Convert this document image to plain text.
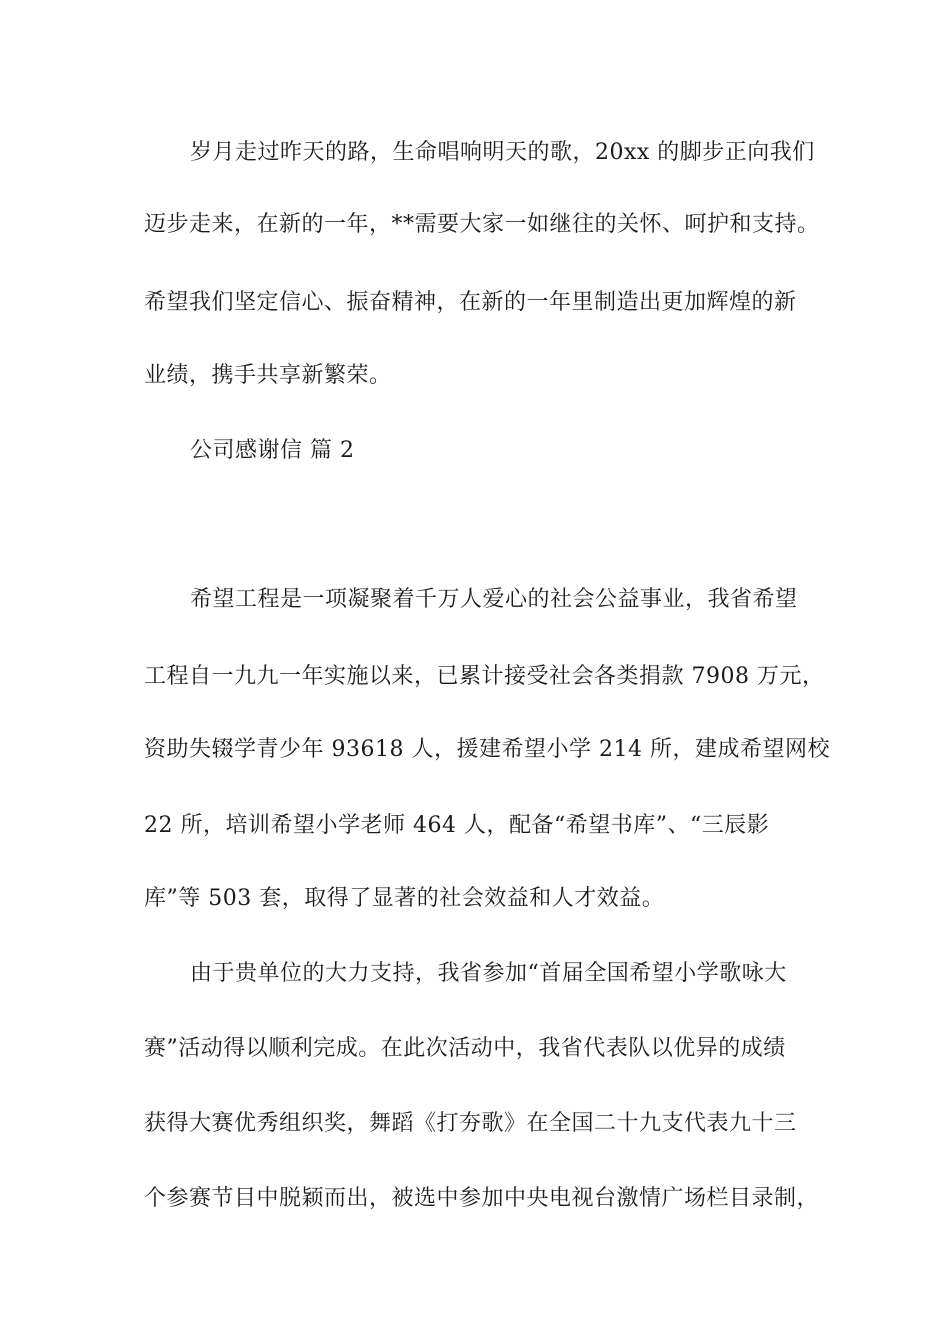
岁月走过昨天的路，生命唱响明天的歌，20xx 的脚步正向我们
迈步走来，在新的一年，**需要大家一如继往的关怀、呵护和支持。
希望我们坚定信心、振奋精神，在新的一年里制造出更加辉煌的新
业绩，携手共享新繁荣。
公司感谢信 篇 2
希望工程是一项凝聚着千万人爱心的社会公益事业，我省希望
工程自一九九一年实施以来，已累计接受社会各类捐款 7908 万元，
资助失辍学青少年 93618 人，援建希望小学 214 所，建成希望网校
22 所，培训希望小学老师 464 人，配备“希望书库”、“三辰影
库”等 503 套，取得了显著的社会效益和人才效益。
由于贵单位的大力支持，我省参加“首届全国希望小学歌咏大
赛”活动得以顺利完成。在此次活动中，我省代表队以优异的成绩
获得大赛优秀组织奖，舞蹈《打夯歌》在全国二十九支代表九十三
个参赛节目中脱颖而出，被选中参加中央电视台激情广场栏目录制，
